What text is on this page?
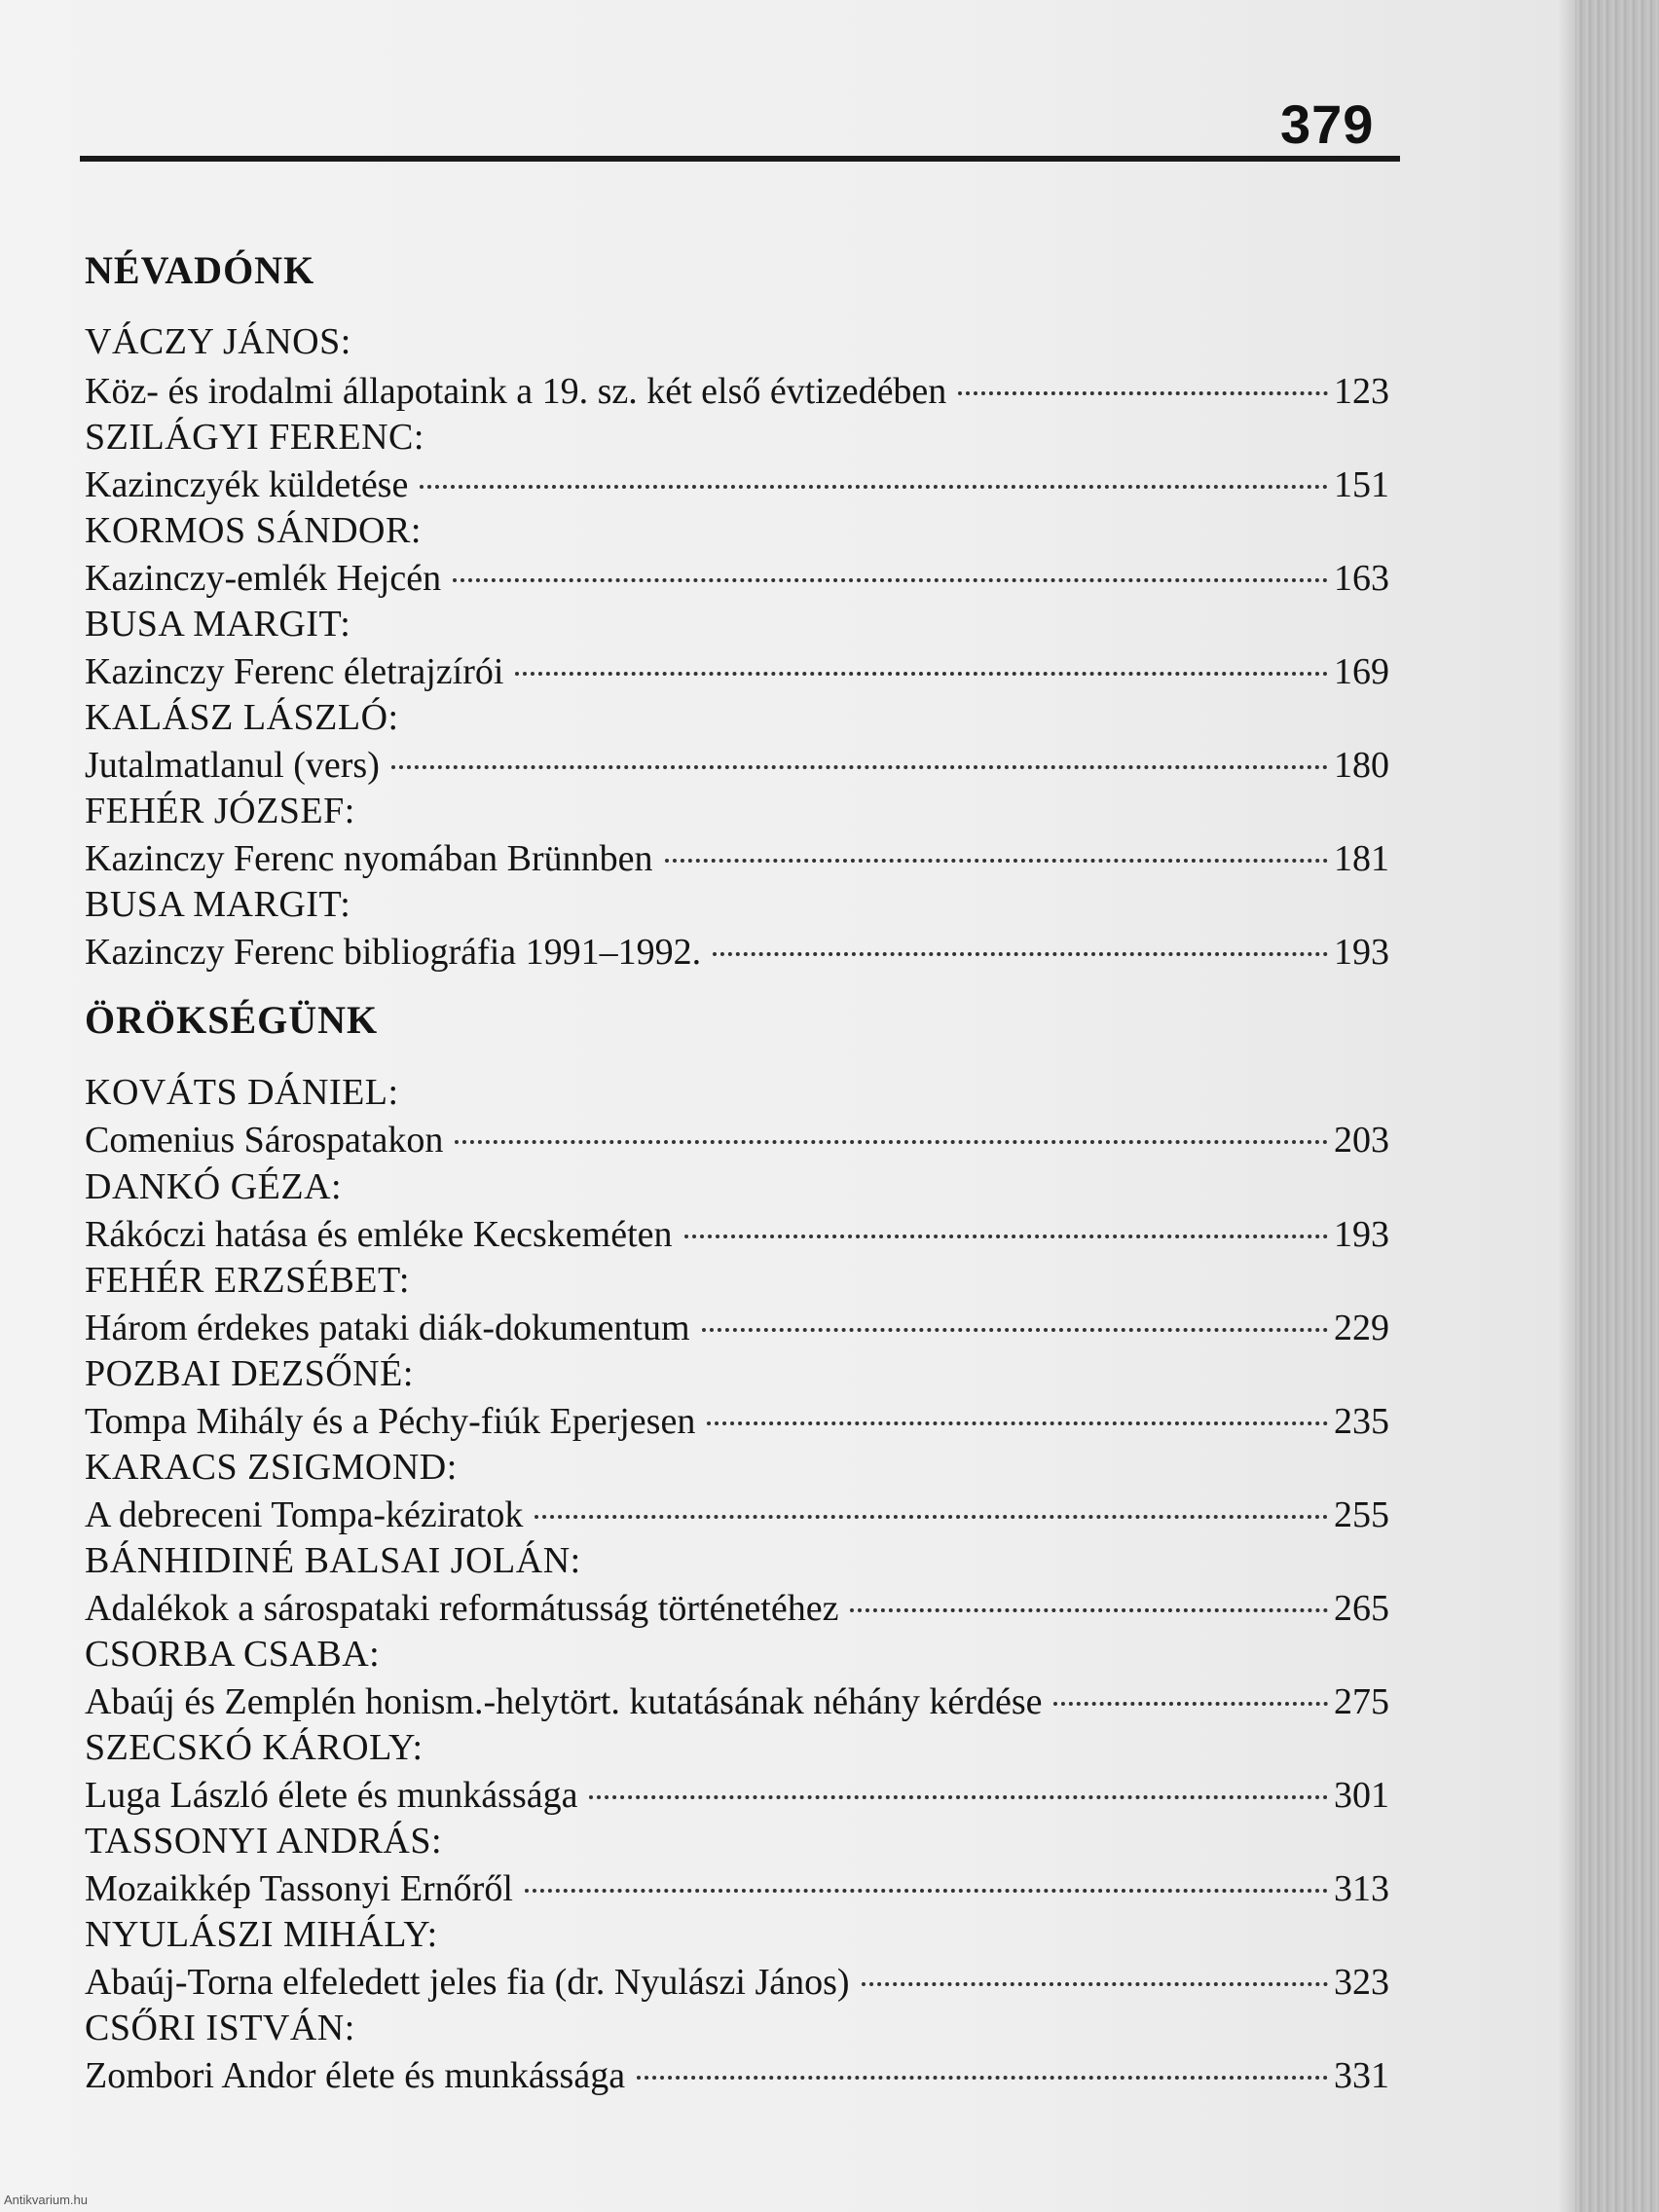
379
NÉVADÓNK
VÁCZY JÁNOS:
Köz- és irodalmi állapotaink a 19. sz. két első évtizedében	123
SZILÁGYI FERENC:
Kazinczyék küldetése	151
KORMOS SÁNDOR:
Kazinczy-emlék Hejcén	163
BUSA MARGIT:
Kazinczy Ferenc életrajzírói	169
KALÁSZ LÁSZLÓ:
Jutalmatlanul (vers)	180
FEHÉR JÓZSEF:
Kazinczy Ferenc nyomában Brünnben	181
BUSA MARGIT:
Kazinczy Ferenc bibliográfia 1991–1992.	193
ÖRÖKSÉGÜNK
KOVÁTS DÁNIEL:
Comenius Sárospatakon	203
DANKÓ GÉZA:
Rákóczi hatása és emléke Kecskeméten	193
FEHÉR ERZSÉBET:
Három érdekes pataki diák-dokumentum	229
POZBAI DEZSŐNÉ:
Tompa Mihály és a Péchy-fiúk Eperjesen	235
KARACS ZSIGMOND:
A debreceni Tompa-kéziratok	255
BÁNHIDINÉ BALSAI JOLÁN:
Adalékok a sárospataki reformátusság történetéhez	265
CSORBA CSABA:
Abaúj és Zemplén honism.-helytört. kutatásának néhány kérdése	275
SZECSKÓ KÁROLY:
Luga László élete és munkássága	301
TASSONYI ANDRÁS:
Mozaikkép Tassonyi Ernőről	313
NYULÁSZI MIHÁLY:
Abaúj-Torna elfeledett jeles fia (dr. Nyulászi János)	323
CSŐRI ISTVÁN:
Zombori Andor élete és munkássága	331
Antikvarium.hu
